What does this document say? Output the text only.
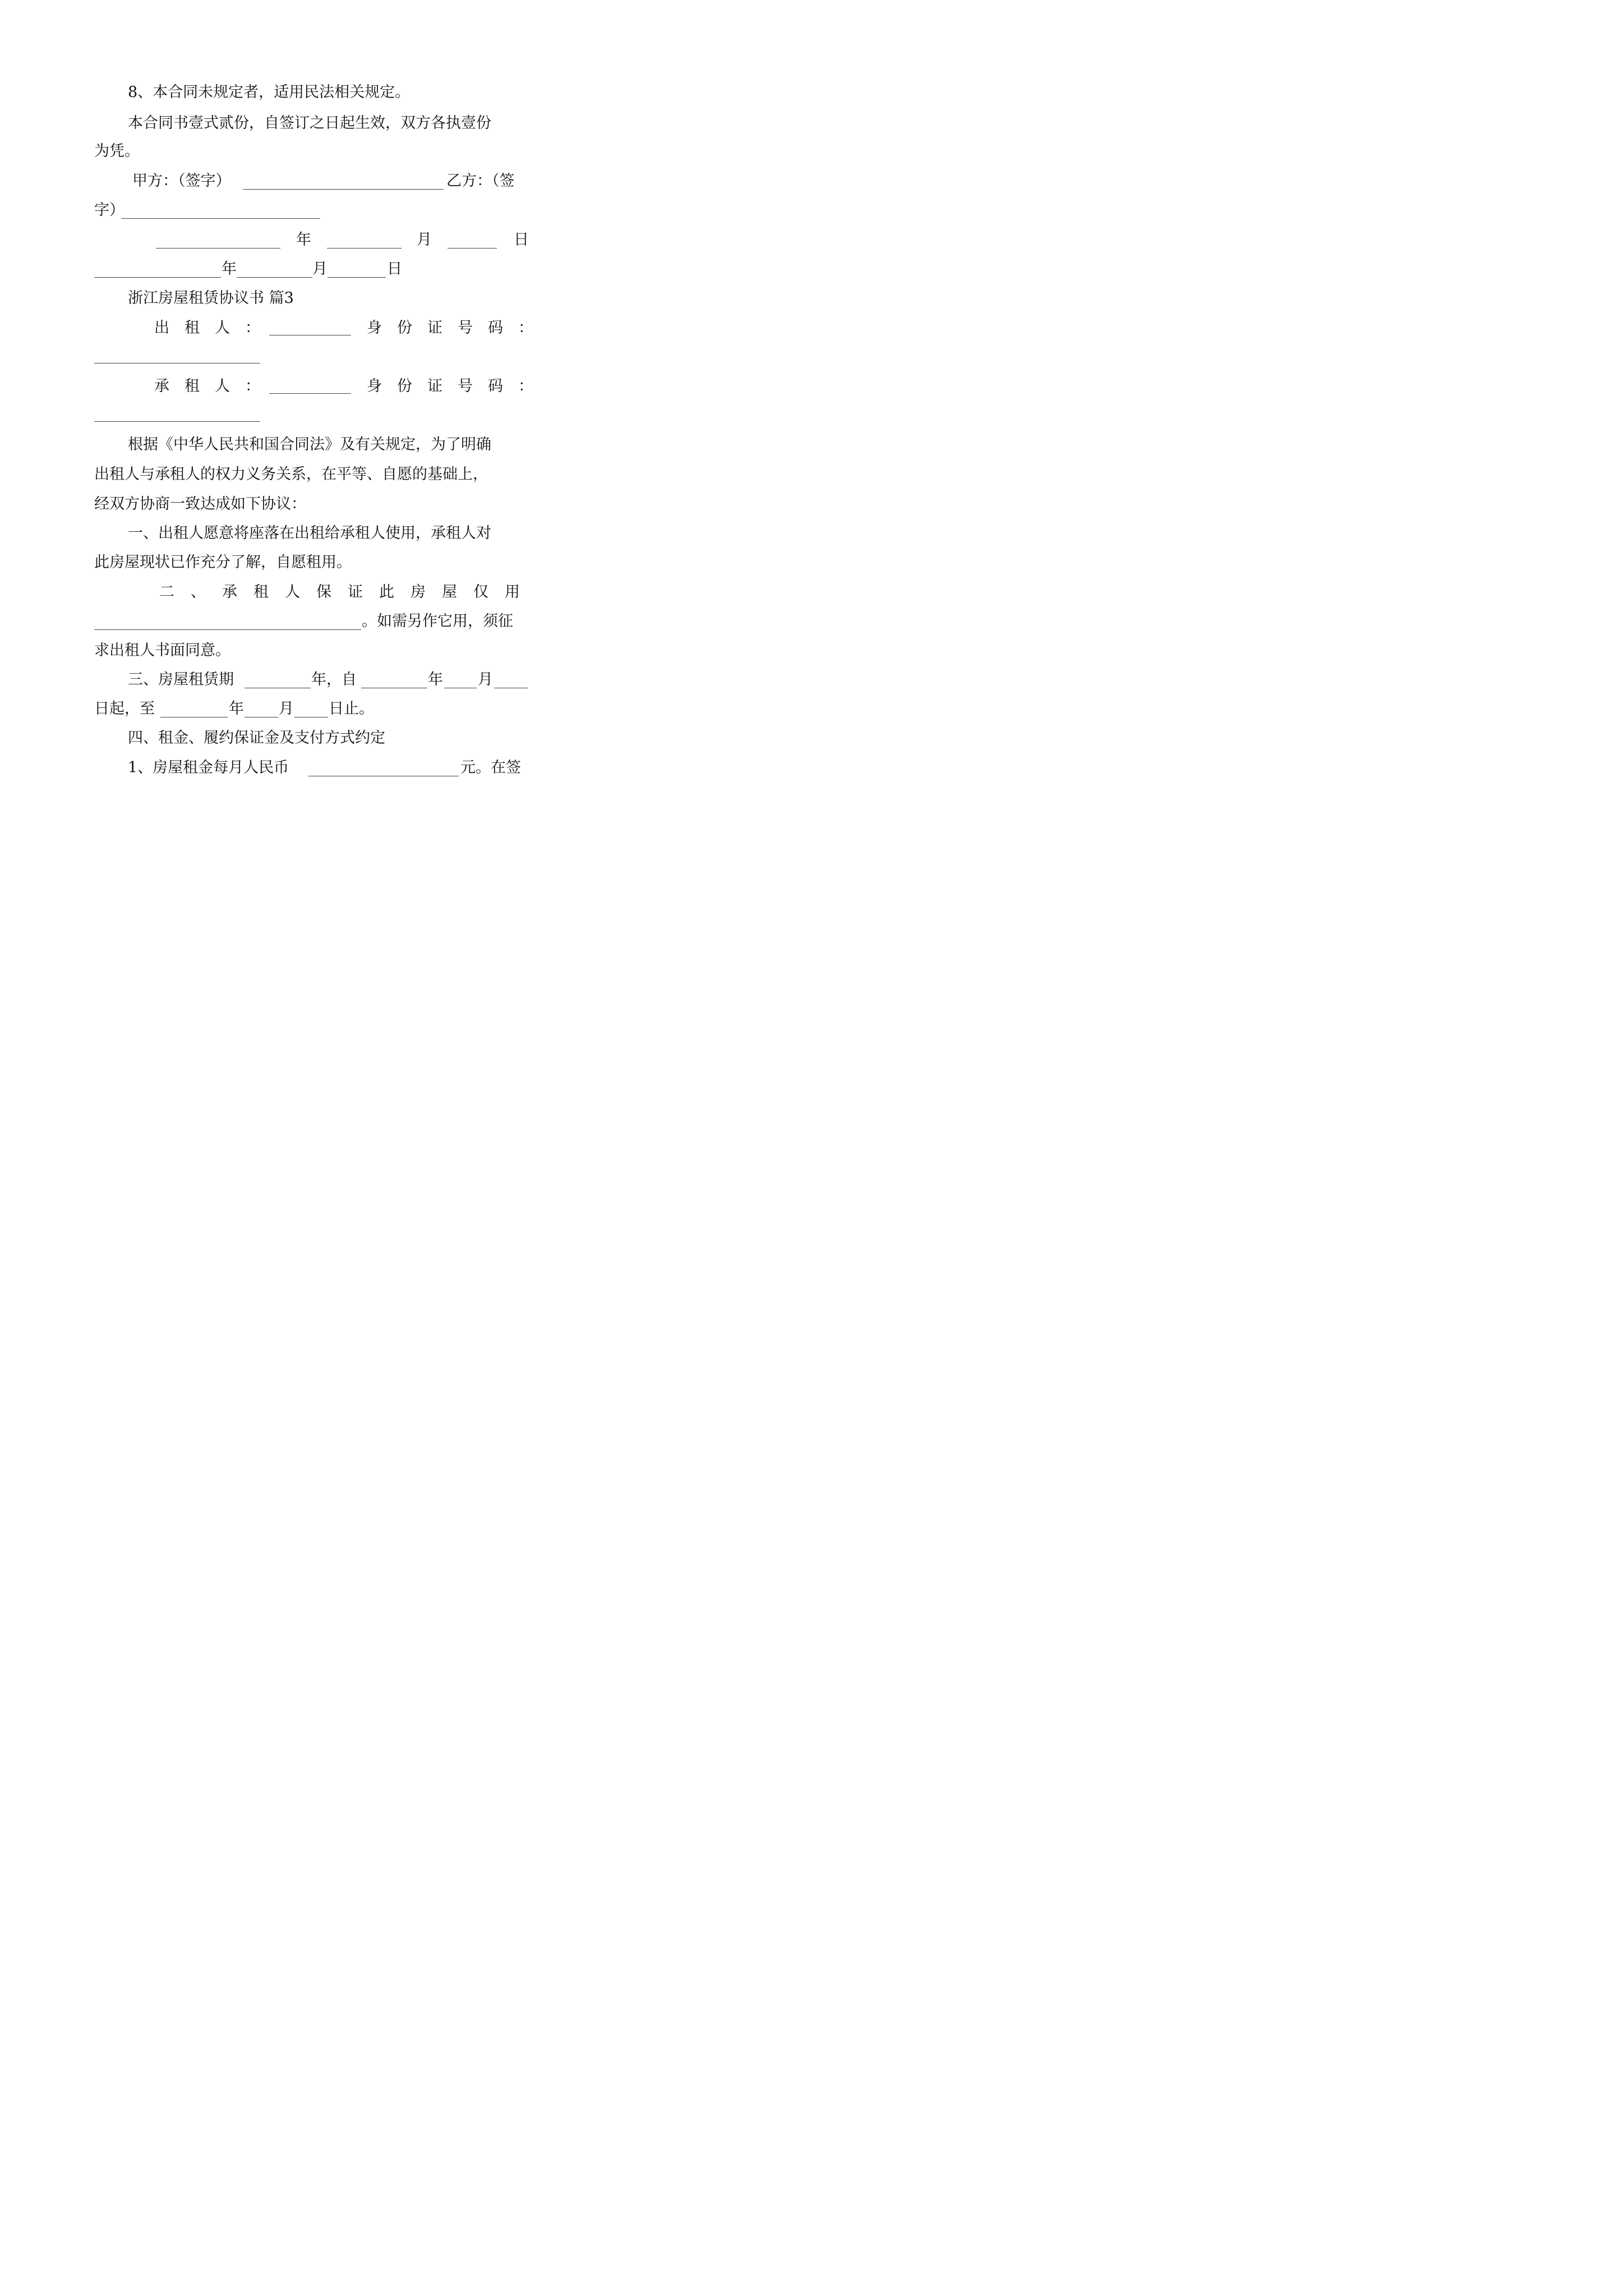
8、本合同未规定者，适用民法相关规定。
本合同书壹式贰份，自签订之日起生效，双方各执壹份
为凭。
甲方：（签字）	乙方：（签
字）
年	月	日
年	月	日
浙江房屋租赁协议书 篇3
出租人：	身份证号码：
承租人：	身份证号码：
根据《中华人民共和国合同法》及有关规定，为了明确
出租人与承租人的权力义务关系，在平等、自愿的基础上，
经双方协商一致达成如下协议：
一、出租人愿意将座落在出租给承租人使用，承租人对
此房屋现状已作充分了解，自愿租用。
二、承租人保证此房屋仅用
。如需另作它用，须征
求出租人书面同意。
三、房屋租赁期	年，自	年 月
日起，至	年 月 日止。
四、租金、履约保证金及支付方式约定
1、房屋租金每月人民币	元。在签
